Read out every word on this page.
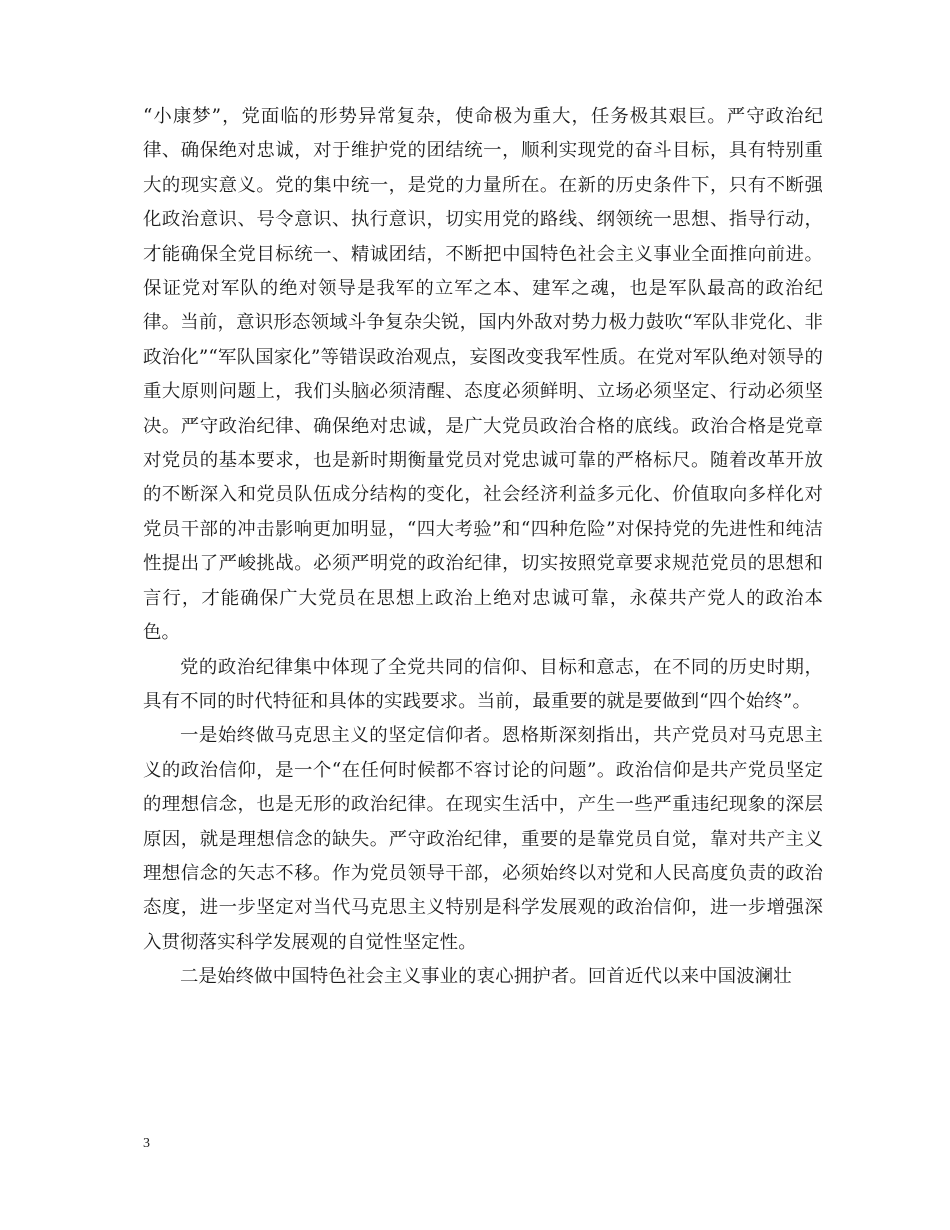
“小康梦”，党面临的形势异常复杂，使命极为重大，任务极其艰巨。严守政治纪律、确保绝对忠诚，对于维护党的团结统一，顺利实现党的奋斗目标，具有特别重大的现实意义。党的集中统一，是党的力量所在。在新的历史条件下，只有不断强化政治意识、号令意识、执行意识，切实用党的路线、纲领统一思想、指导行动，才能确保全党目标统一、精诚团结，不断把中国特色社会主义事业全面推向前进。保证党对军队的绝对领导是我军的立军之本、建军之魂，也是军队最高的政治纪律。当前，意识形态领域斗争复杂尖锐，国内外敌对势力极力鼓吹“军队非党化、非政治化”“军队国家化”等错误政治观点，妄图改变我军性质。在党对军队绝对领导的重大原则问题上，我们头脑必须清醒、态度必须鲜明、立场必须坚定、行动必须坚决。严守政治纪律、确保绝对忠诚，是广大党员政治合格的底线。政治合格是党章对党员的基本要求，也是新时期衡量党员对党忠诚可靠的严格标尺。随着改革开放的不断深入和党员队伍成分结构的变化，社会经济利益多元化、价值取向多样化对党员干部的冲击影响更加明显，“四大考验”和“四种危险”对保持党的先进性和纯洁性提出了严峻挑战。必须严明党的政治纪律，切实按照党章要求规范党员的思想和言行，才能确保广大党员在思想上政治上绝对忠诚可靠，永葆共产党人的政治本色。

党的政治纪律集中体现了全党共同的信仰、目标和意志，在不同的历史时期，具有不同的时代特征和具体的实践要求。当前，最重要的就是要做到“四个始终”。

一是始终做马克思主义的坚定信仰者。恩格斯深刻指出，共产党员对马克思主义的政治信仰，是一个“在任何时候都不容讨论的问题”。政治信仰是共产党员坚定的理想信念，也是无形的政治纪律。在现实生活中，产生一些严重违纪现象的深层原因，就是理想信念的缺失。严守政治纪律，重要的是靠党员自觉，靠对共产主义理想信念的矢志不移。作为党员领导干部，必须始终以对党和人民高度负责的政治态度，进一步坚定对当代马克思主义特别是科学发展观的政治信仰，进一步增强深入贯彻落实科学发展观的自觉性坚定性。

二是始终做中国特色社会主义事业的衷心拥护者。回首近代以来中国波澜壮

3
